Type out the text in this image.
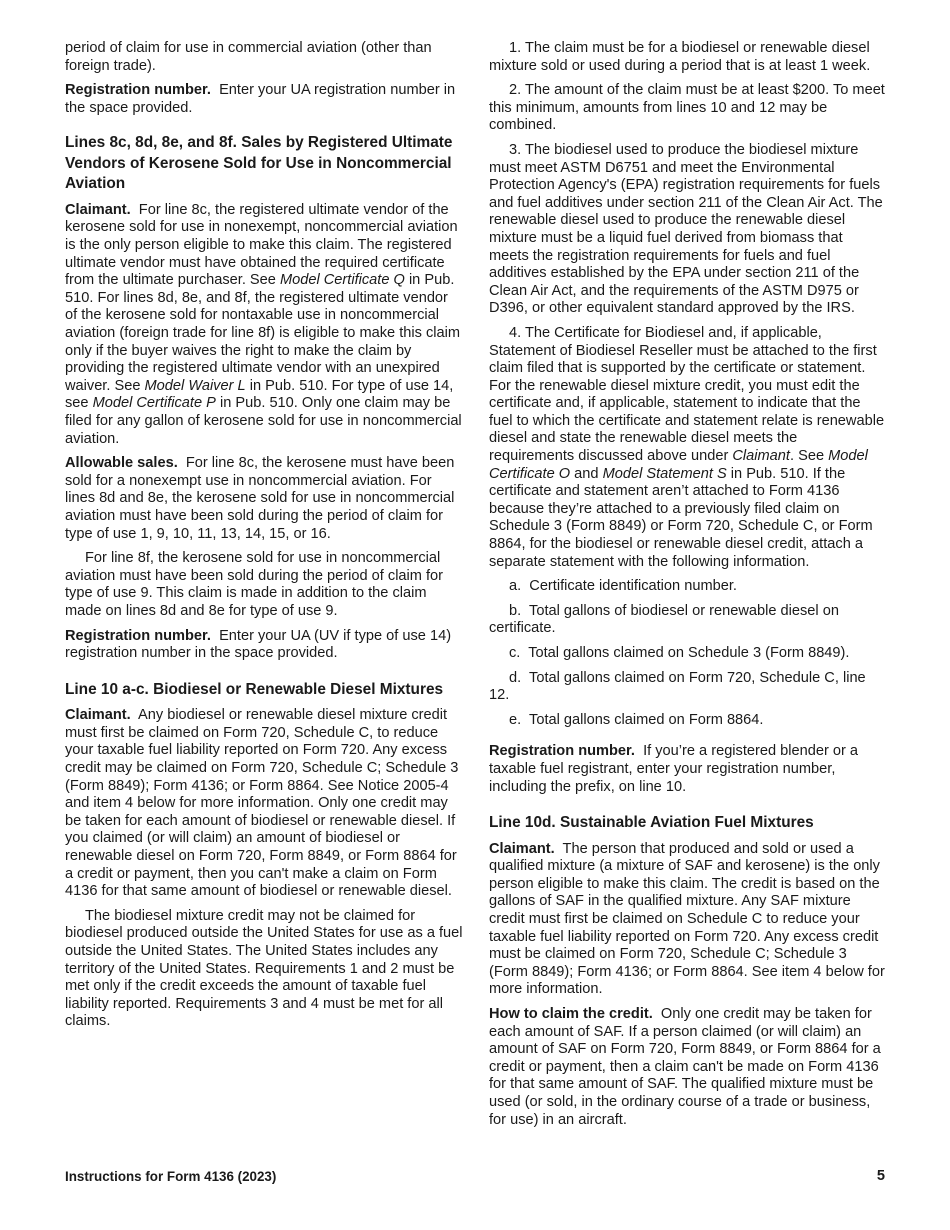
period of claim for use in commercial aviation (other than foreign trade).

Registration number. Enter your UA registration number in the space provided.

Lines 8c, 8d, 8e, and 8f. Sales by Registered Ultimate Vendors of Kerosene Sold for Use in Noncommercial Aviation

Claimant. For line 8c, the registered ultimate vendor of the kerosene sold for use in nonexempt, noncommercial aviation is the only person eligible to make this claim. The registered ultimate vendor must have obtained the required certificate from the ultimate purchaser. See Model Certificate Q in Pub. 510. For lines 8d, 8e, and 8f, the registered ultimate vendor of the kerosene sold for nontaxable use in noncommercial aviation (foreign trade for line 8f) is eligible to make this claim only if the buyer waives the right to make the claim by providing the registered ultimate vendor with an unexpired waiver. See Model Waiver L in Pub. 510. For type of use 14, see Model Certificate P in Pub. 510. Only one claim may be filed for any gallon of kerosene sold for use in noncommercial aviation.

Allowable sales. For line 8c, the kerosene must have been sold for a nonexempt use in noncommercial aviation. For lines 8d and 8e, the kerosene sold for use in noncommercial aviation must have been sold during the period of claim for type of use 1, 9, 10, 11, 13, 14, 15, or 16.

For line 8f, the kerosene sold for use in noncommercial aviation must have been sold during the period of claim for type of use 9. This claim is made in addition to the claim made on lines 8d and 8e for type of use 9.

Registration number. Enter your UA (UV if type of use 14) registration number in the space provided.

Line 10 a-c. Biodiesel or Renewable Diesel Mixtures

Claimant. Any biodiesel or renewable diesel mixture credit must first be claimed on Form 720, Schedule C, to reduce your taxable fuel liability reported on Form 720. Any excess credit may be claimed on Form 720, Schedule C; Schedule 3 (Form 8849); Form 4136; or Form 8864. See Notice 2005-4 and item 4 below for more information. Only one credit may be taken for each amount of biodiesel or renewable diesel. If you claimed (or will claim) an amount of biodiesel or renewable diesel on Form 720, Form 8849, or Form 8864 for a credit or payment, then you can't make a claim on Form 4136 for that same amount of biodiesel or renewable diesel.

The biodiesel mixture credit may not be claimed for biodiesel produced outside the United States for use as a fuel outside the United States. The United States includes any territory of the United States. Requirements 1 and 2 must be met only if the credit exceeds the amount of taxable fuel liability reported. Requirements 3 and 4 must be met for all claims.

1. The claim must be for a biodiesel or renewable diesel mixture sold or used during a period that is at least 1 week.

2. The amount of the claim must be at least $200. To meet this minimum, amounts from lines 10 and 12 may be combined.

3. The biodiesel used to produce the biodiesel mixture must meet ASTM D6751 and meet the Environmental Protection Agency's (EPA) registration requirements for fuels and fuel additives under section 211 of the Clean Air Act. The renewable diesel used to produce the renewable diesel mixture must be a liquid fuel derived from biomass that meets the registration requirements for fuels and fuel additives established by the EPA under section 211 of the Clean Air Act, and the requirements of the ASTM D975 or D396, or other equivalent standard approved by the IRS.

4. The Certificate for Biodiesel and, if applicable, Statement of Biodiesel Reseller must be attached to the first claim filed that is supported by the certificate or statement. For the renewable diesel mixture credit, you must edit the certificate and, if applicable, statement to indicate that the fuel to which the certificate and statement relate is renewable diesel and state the renewable diesel meets the requirements discussed above under Claimant. See Model Certificate O and Model Statement S in Pub. 510. If the certificate and statement aren’t attached to Form 4136 because they’re attached to a previously filed claim on Schedule 3 (Form 8849) or Form 720, Schedule C, or Form 8864, for the biodiesel or renewable diesel credit, attach a separate statement with the following information.

a. Certificate identification number.

b. Total gallons of biodiesel or renewable diesel on certificate.

c. Total gallons claimed on Schedule 3 (Form 8849).

d. Total gallons claimed on Form 720, Schedule C, line 12.

e. Total gallons claimed on Form 8864.

Registration number. If you’re a registered blender or a taxable fuel registrant, enter your registration number, including the prefix, on line 10.

Line 10d. Sustainable Aviation Fuel Mixtures

Claimant. The person that produced and sold or used a qualified mixture (a mixture of SAF and kerosene) is the only person eligible to make this claim. The credit is based on the gallons of SAF in the qualified mixture. Any SAF mixture credit must first be claimed on Schedule C to reduce your taxable fuel liability reported on Form 720. Any excess credit must be claimed on Form 720, Schedule C; Schedule 3 (Form 8849); Form 4136; or Form 8864. See item 4 below for more information.

How to claim the credit. Only one credit may be taken for each amount of SAF. If a person claimed (or will claim) an amount of SAF on Form 720, Form 8849, or Form 8864 for a credit or payment, then a claim can't be made on Form 4136 for that same amount of SAF. The qualified mixture must be used (or sold, in the ordinary course of a trade or business, for use) in an aircraft.

Instructions for Form 4136 (2023)	5
